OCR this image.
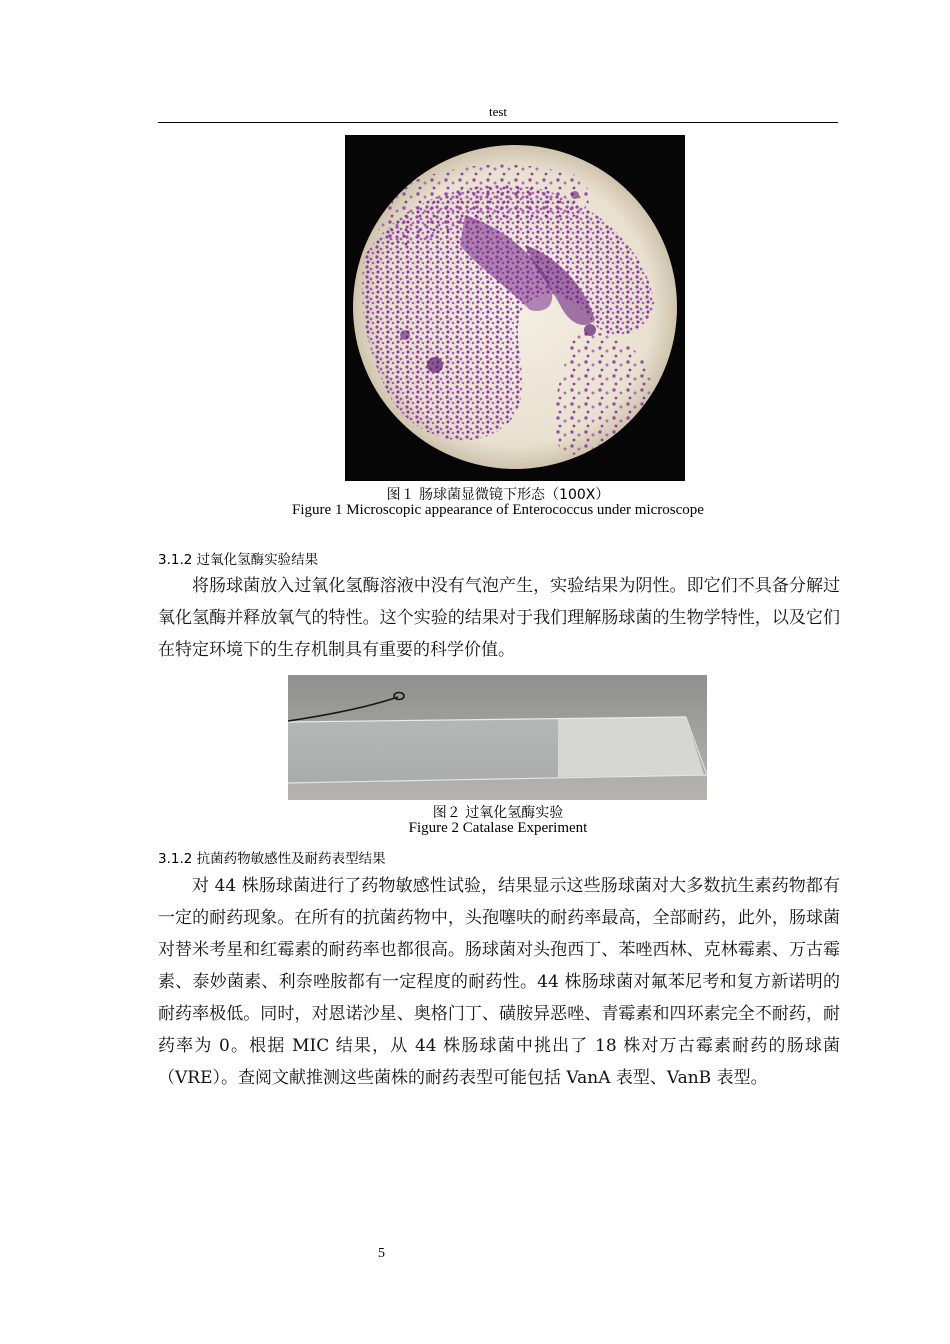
test
图１ 肠球菌显微镜下形态（100X）
Figure 1 Microscopic appearance of Enterococcus under microscope
3.1.2 过氧化氢酶实验结果

将肠球菌放入过氧化氢酶溶液中没有气泡产生，实验结果为阴性。即它们不具备分解过氧化氢酶并释放氧气的特性。这个实验的结果对于我们理解肠球菌的生物学特性，以及它们在特定环境下的生存机制具有重要的科学价值。

图２ 过氧化氢酶实验
Figure 2 Catalase Experiment
3.1.2 抗菌药物敏感性及耐药表型结果

对 44 株肠球菌进行了药物敏感性试验，结果显示这些肠球菌对大多数抗生素药物都有一定的耐药现象。在所有的抗菌药物中，头孢噻呋的耐药率最高，全部耐药，此外，肠球菌对替米考星和红霉素的耐药率也都很高。肠球菌对头孢西丁、苯唑西林、克林霉素、万古霉素、泰妙菌素、利奈唑胺都有一定程度的耐药性。44 株肠球菌对氟苯尼考和复方新诺明的耐药率极低。同时，对恩诺沙星、奥格门丁、磺胺异恶唑、青霉素和四环素完全不耐药，耐药率为 0。根据 MIC 结果，从 44 株肠球菌中挑出了 18 株对万古霉素耐药的肠球菌（VRE）。查阅文献推测这些菌株的耐药表型可能包括 VanA 表型、VanB 表型。

5
